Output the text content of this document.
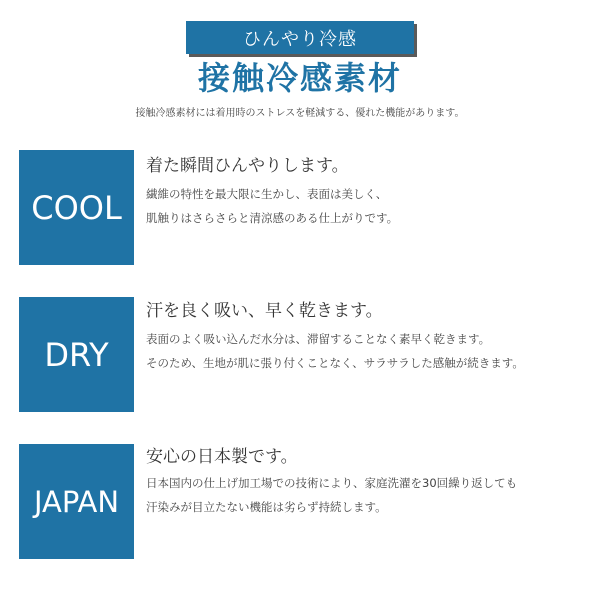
ひんやり冷感
接触冷感素材
接触冷感素材には着用時のストレスを軽減する、優れた機能があります。
COOL
着た瞬間ひんやりします。
繊維の特性を最大限に生かし、表面は美しく、
肌触りはさらさらと清涼感のある仕上がりです。
DRY
汗を良く吸い、早く乾きます。
表面のよく吸い込んだ水分は、滞留することなく素早く乾きます。
そのため、生地が肌に張り付くことなく、サラサラした感触が続きます。
JAPAN
安心の日本製です。
日本国内の仕上げ加工場での技術により、家庭洗濯を30回繰り返しても
汗染みが目立たない機能は劣らず持続します。
